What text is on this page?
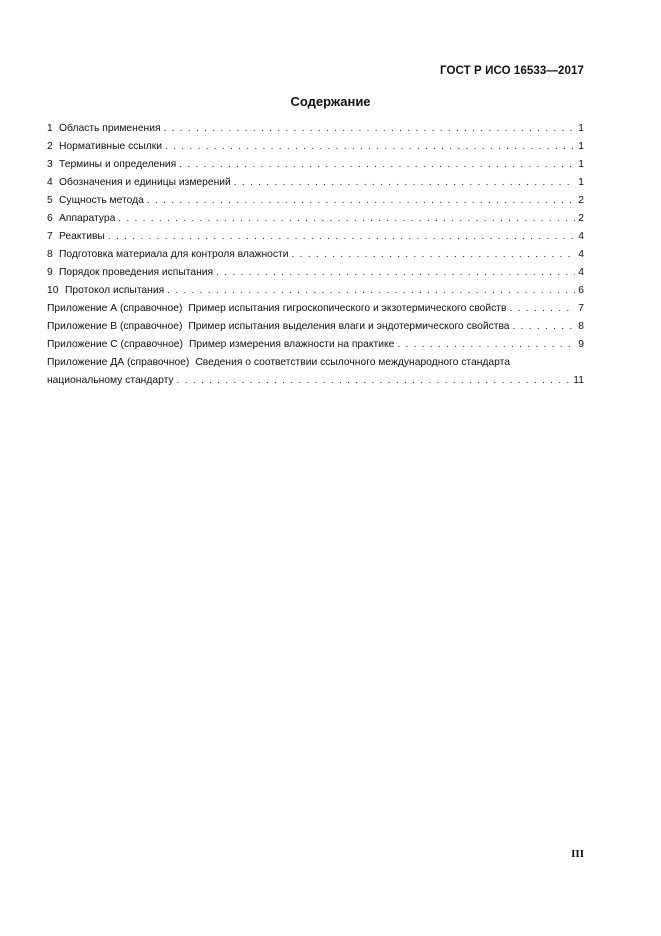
ГОСТ Р ИСО 16533—2017
Содержание
1 Область применения . . .	1
2 Нормативные ссылки . . .	1
3 Термины и определения . . .	1
4 Обозначения и единицы измерений . . .	1
5 Сущность метода . . .	2
6 Аппаратура . . .	2
7 Реактивы . . .	4
8 Подготовка материала для контроля влажности . . .	4
9 Порядок проведения испытания . . .	4
10 Протокол испытания . . .	6
Приложение А (справочное) Пример испытания гигроскопического и экзотермического свойств . . .	7
Приложение В (справочное) Пример испытания выделения влаги и эндотермического свойства . . .	8
Приложение С (справочное) Пример измерения влажности на практике . . .	9
Приложение ДА (справочное) Сведения о соответствии ссылочного международного стандарта
национальному стандарту . . .	11
III
